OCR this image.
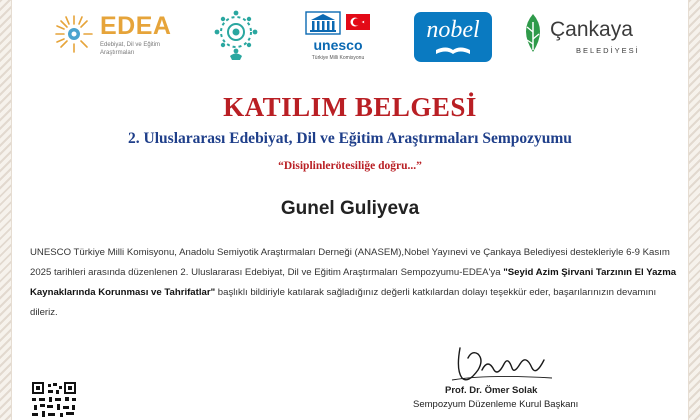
EDEA
Edebiyat, Dil ve Eğitim Araştırmaları	unesco
Türkiye Milli Komisyonu
nobel	Çankaya
BELEDİYESİ
KATILIM BELGESİ
2. Uluslararası Edebiyat, Dil ve Eğitim Araştırmaları Sempozyumu
“Disiplinlerötesiliğe doğru...”
Gunel Guliyeva
UNESCO Türkiye Milli Komisyonu, Anadolu Semiyotik Araştırmaları Derneği (ANASEM),Nobel Yayınevi ve Çankaya Belediyesi destekleriyle 6-9 Kasım 2025 tarihleri arasında düzenlenen 2. Uluslararası Edebiyat, Dil ve Eğitim Araştırmaları Sempozyumu-EDEA'ya "Seyid Azim Şirvani Tarzının El Yazma Kaynaklarında Korunması ve Tahrifatlar" başlıklı bildiriyle katılarak sağladığınız değerli katkılardan dolayı teşekkür eder, başarılarınızın devamını dileriz.
Prof. Dr. Ömer Solak
Sempozyum Düzenleme Kurul Başkanı
